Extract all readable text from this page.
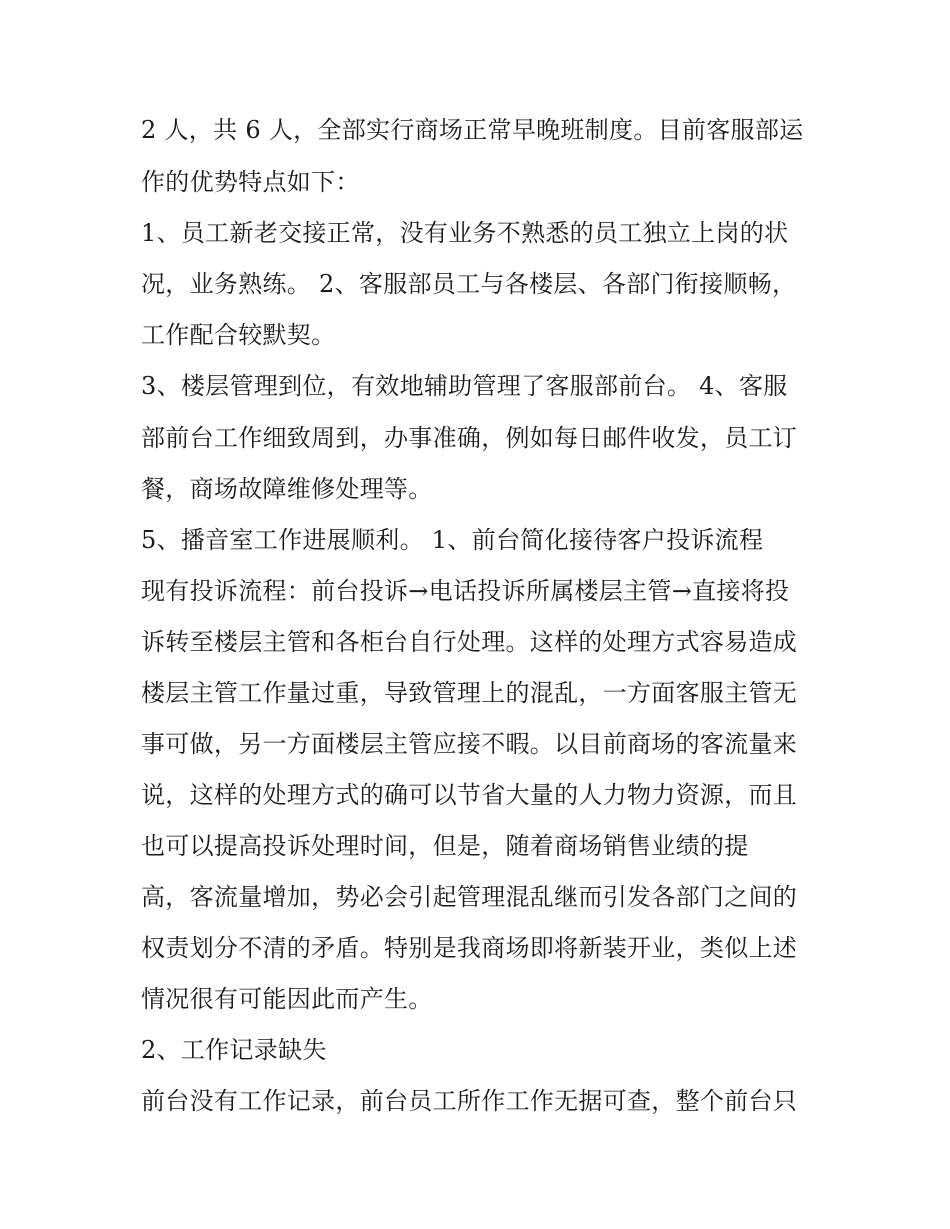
2 人，共 6 人，全部实行商场正常早晚班制度。目前客服部运
作的优势特点如下：
1、员工新老交接正常，没有业务不熟悉的员工独立上岗的状
况，业务熟练。 2、客服部员工与各楼层、各部门衔接顺畅，
工作配合较默契。
3、楼层管理到位，有效地辅助管理了客服部前台。 4、客服
部前台工作细致周到，办事准确，例如每日邮件收发，员工订
餐，商场故障维修处理等。
5、播音室工作进展顺利。 1、前台简化接待客户投诉流程
现有投诉流程：前台投诉→电话投诉所属楼层主管→直接将投
诉转至楼层主管和各柜台自行处理。这样的处理方式容易造成
楼层主管工作量过重，导致管理上的混乱，一方面客服主管无
事可做，另一方面楼层主管应接不暇。以目前商场的客流量来
说，这样的处理方式的确可以节省大量的人力物力资源，而且
也可以提高投诉处理时间，但是，随着商场销售业绩的提
高，客流量增加，势必会引起管理混乱继而引发各部门之间的
权责划分不清的矛盾。特别是我商场即将新装开业，类似上述
情况很有可能因此而产生。
2、工作记录缺失
前台没有工作记录，前台员工所作工作无据可查，整个前台只
